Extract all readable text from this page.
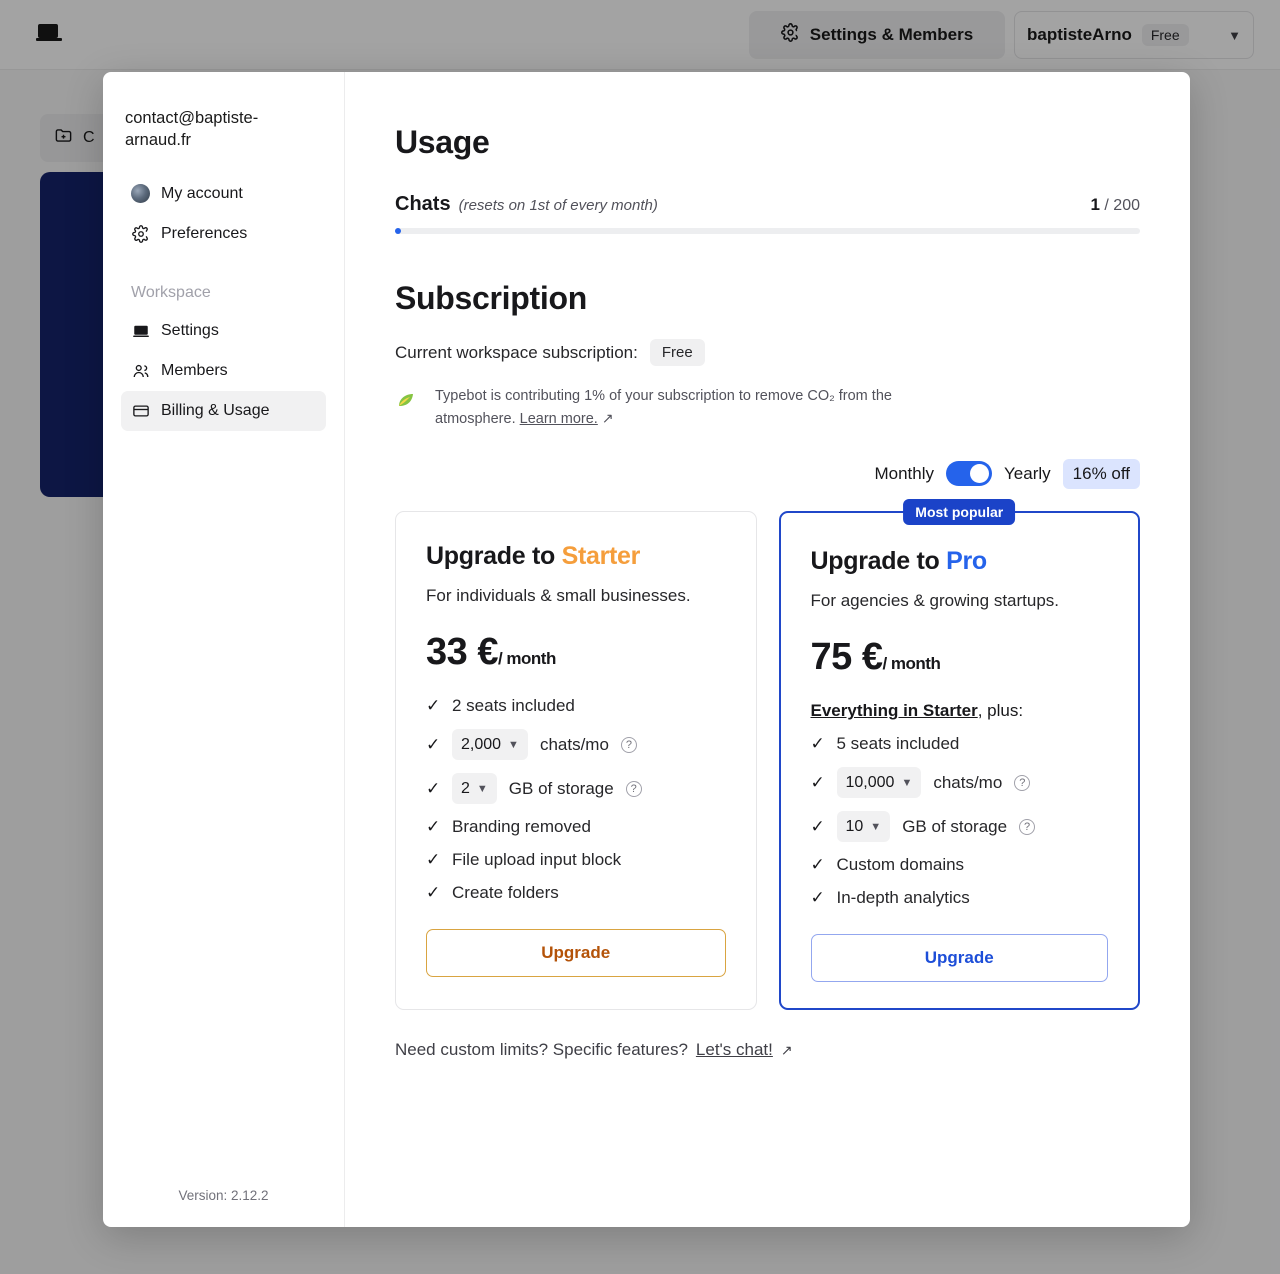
Settings & Members	baptisteArno	Free	▼
C
contact@baptiste-arnaud.fr
My account
Preferences
Workspace
Settings
Members
Billing & Usage
Version: 2.12.2
Usage
Chats (resets on 1st of every month)	1 / 200
Subscription
Current workspace subscription:	Free
Typebot is contributing 1% of your subscription to remove CO₂ from the atmosphere. Learn more. ↗
Monthly	Yearly	16% off
Upgrade to Starter
For individuals & small businesses.
33 €/ month
✓ 2 seats included
✓ 2,000 ▼ chats/mo	?
✓ 2 ▼ GB of storage	?
✓ Branding removed
✓ File upload input block
✓ Create folders
Upgrade
Most popular
Upgrade to Pro
For agencies & growing startups.
75 €/ month
Everything in Starter, plus:
✓ 5 seats included
✓ 10,000 ▼ chats/mo	?
✓ 10 ▼ GB of storage	?
✓ Custom domains
✓ In-depth analytics
Upgrade
Need custom limits? Specific features? Let's chat! ↗
